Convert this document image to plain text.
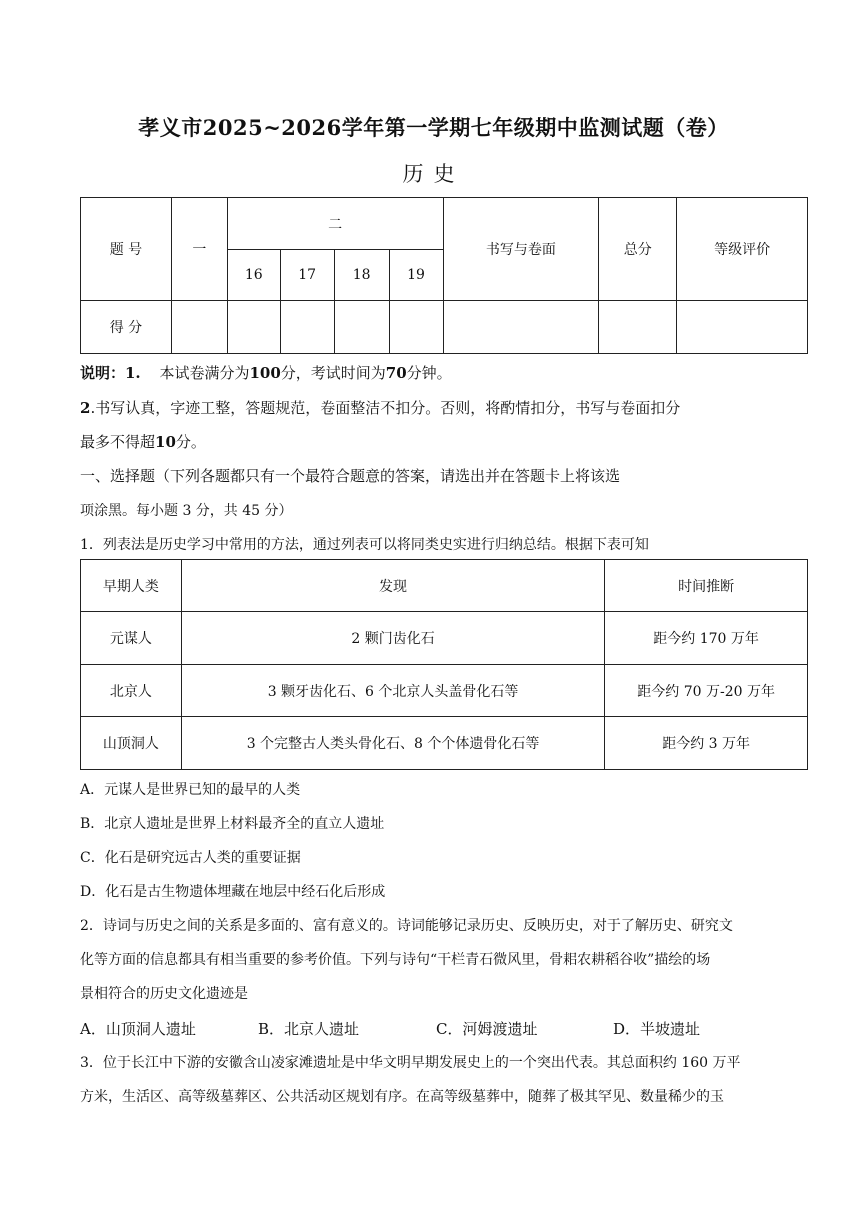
孝义市2025~2026学年第一学期七年级期中监测试题（卷）
历史
题 号	一	二				书写与卷面	总分	等级评价
		16	17	18	19			
得 分								
说明：1. 本试卷满分为100分，考试时间为70分钟。
2.书写认真，字迹工整，答题规范，卷面整洁不扣分。否则，将酌情扣分，书写与卷面扣分
最多不得超10分。
一、选择题（下列各题都只有一个最符合题意的答案，请选出并在答题卡上将该选
项涂黑。每小题 3 分，共 45 分）
1．列表法是历史学习中常用的方法，通过列表可以将同类史实进行归纳总结。根据下表可知
早期人类	发现	时间推断
元谋人	2 颗门齿化石	距今约 170 万年
北京人	3 颗牙齿化石、6 个北京人头盖骨化石等	距今约 70 万-20 万年
山顶洞人	3 个完整古人类头骨化石、8 个个体遗骨化石等	距今约 3 万年
A．元谋人是世界已知的最早的人类
B．北京人遗址是世界上材料最齐全的直立人遗址
C．化石是研究远古人类的重要证据
D．化石是古生物遗体埋藏在地层中经石化后形成
2．诗词与历史之间的关系是多面的、富有意义的。诗词能够记录历史、反映历史，对于了解历史、研究文
化等方面的信息都具有相当重要的参考价值。下列与诗句“干栏青石微风里，骨耜农耕稻谷收”描绘的场
景相符合的历史文化遗迹是
A．山顶洞人遗址	B．北京人遗址	C．河姆渡遗址	D．半坡遗址
3．位于长江中下游的安徽含山凌家滩遗址是中华文明早期发展史上的一个突出代表。其总面积约 160 万平
方米，生活区、高等级墓葬区、公共活动区规划有序。在高等级墓葬中，随葬了极其罕见、数量稀少的玉
